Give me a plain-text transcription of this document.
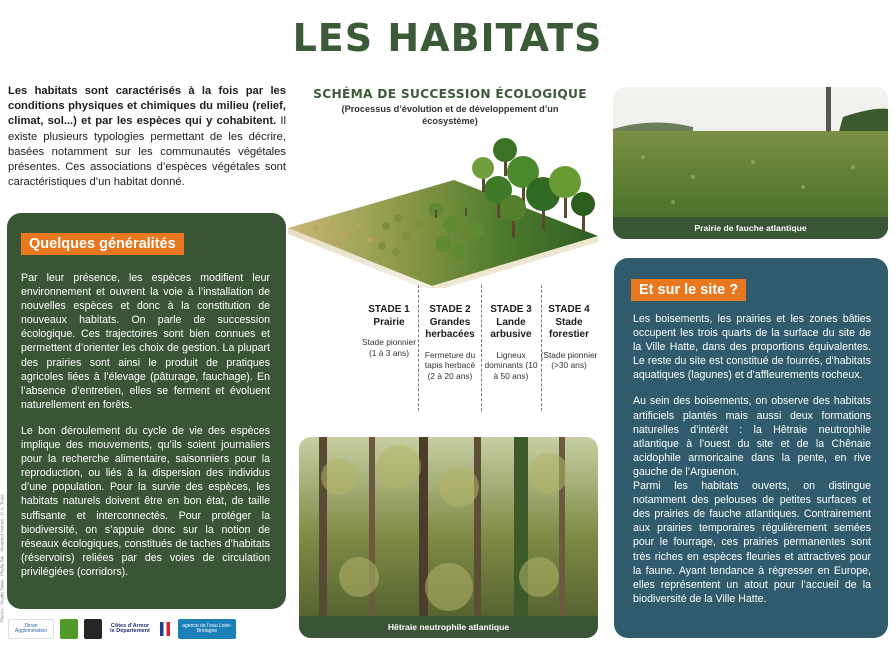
LES HABITATS
Les habitats sont caractérisés à la fois par les conditions physiques et chimiques du milieu (relief, climat, sol...) et par les espèces qui y cohabitent. Il existe plusieurs typologies permettant de les décrire, basées notamment sur les communautés végétales présentes. Ces associations d’espèces végétales sont caractéristiques d’un habitat donné.
Quelques généralités

Par leur présence, les espèces modifient leur environnement et ouvrent la voie à l’installation de nouvelles espèces et donc à la constitution de nouveaux habitats. On parle de succession écologique. Ces trajectoires sont bien connues et permettent d’orienter les choix de gestion. La plupart des prairies sont ainsi le produit de pratiques agricoles liées à l’élevage (pâturage, fauchage). En l’absence d’entretien, elles se ferment et évoluent naturellement en forêts.

Le bon déroulement du cycle de vie des espèces implique des mouvements, qu’ils soient journaliers pour la recherche alimentaire, saisonniers pour la reproduction, ou liés à la dispersion des individus d’une population. Pour la survie des espèces, les habitats naturels doivent être en bon état, de taille suffisante et interconnectés. Pour protéger la biodiversité, on s’appuie donc sur la notion de réseaux écologiques, constitués de taches d’habitats (réservoirs) reliées par des voies de circulation privilégiées (corridors).

Photos : Studio Tintin - Phylla-Bio - Vivarmor Nature - P. A. Toulé
Dinan Agglomération
Côtes d’Armor le Département
agence de l’eau Loire-Bretagne
SCHÉMA DE SUCCESSION ÉCOLOGIQUE
(Processus d’évolution et de développement d’un écosystème)
STADE 1 Prairie
Stade pionnier (1 à 3 ans)
STADE 2 Grandes herbacées
Fermeture du tapis herbacé (2 à 20 ans)
STADE 3 Lande arbusive
Ligneux dominants (10 à 50 ans)
STADE 4 Stade forestier
(Stade pionnier (>30 ans)
Prairie de fauche atlantique
Hêtraie neutrophile atlantique
Et sur le site ?

Les boisements, les prairies et les zones bâties occupent les trois quarts de la surface du site de la Ville Hatte, dans des proportions équivalentes. Le reste du site est constitué de fourrés, d’habitats aquatiques (lagunes) et d’affleurements rocheux.

Au sein des boisements, on observe des habitats artificiels plantés mais aussi deux formations naturelles d’intérêt : la Hêtraie neutrophile atlantique à l’ouest du site et de la Chênaie acidophile armoricaine dans la pente, en rive gauche de l’Arguenon.

Parmi les habitats ouverts, on distingue notamment des pelouses de petites surfaces et des prairies de fauche atlantiques. Contrairement aux prairies temporaires régulièrement semées pour le fourrage, ces prairies permanentes sont très riches en espèces fleuries et attractives pour la faune. Ayant tendance à régresser en Europe, elles représentent un atout pour l’accueil de la biodiversité de la Ville Hatte.
